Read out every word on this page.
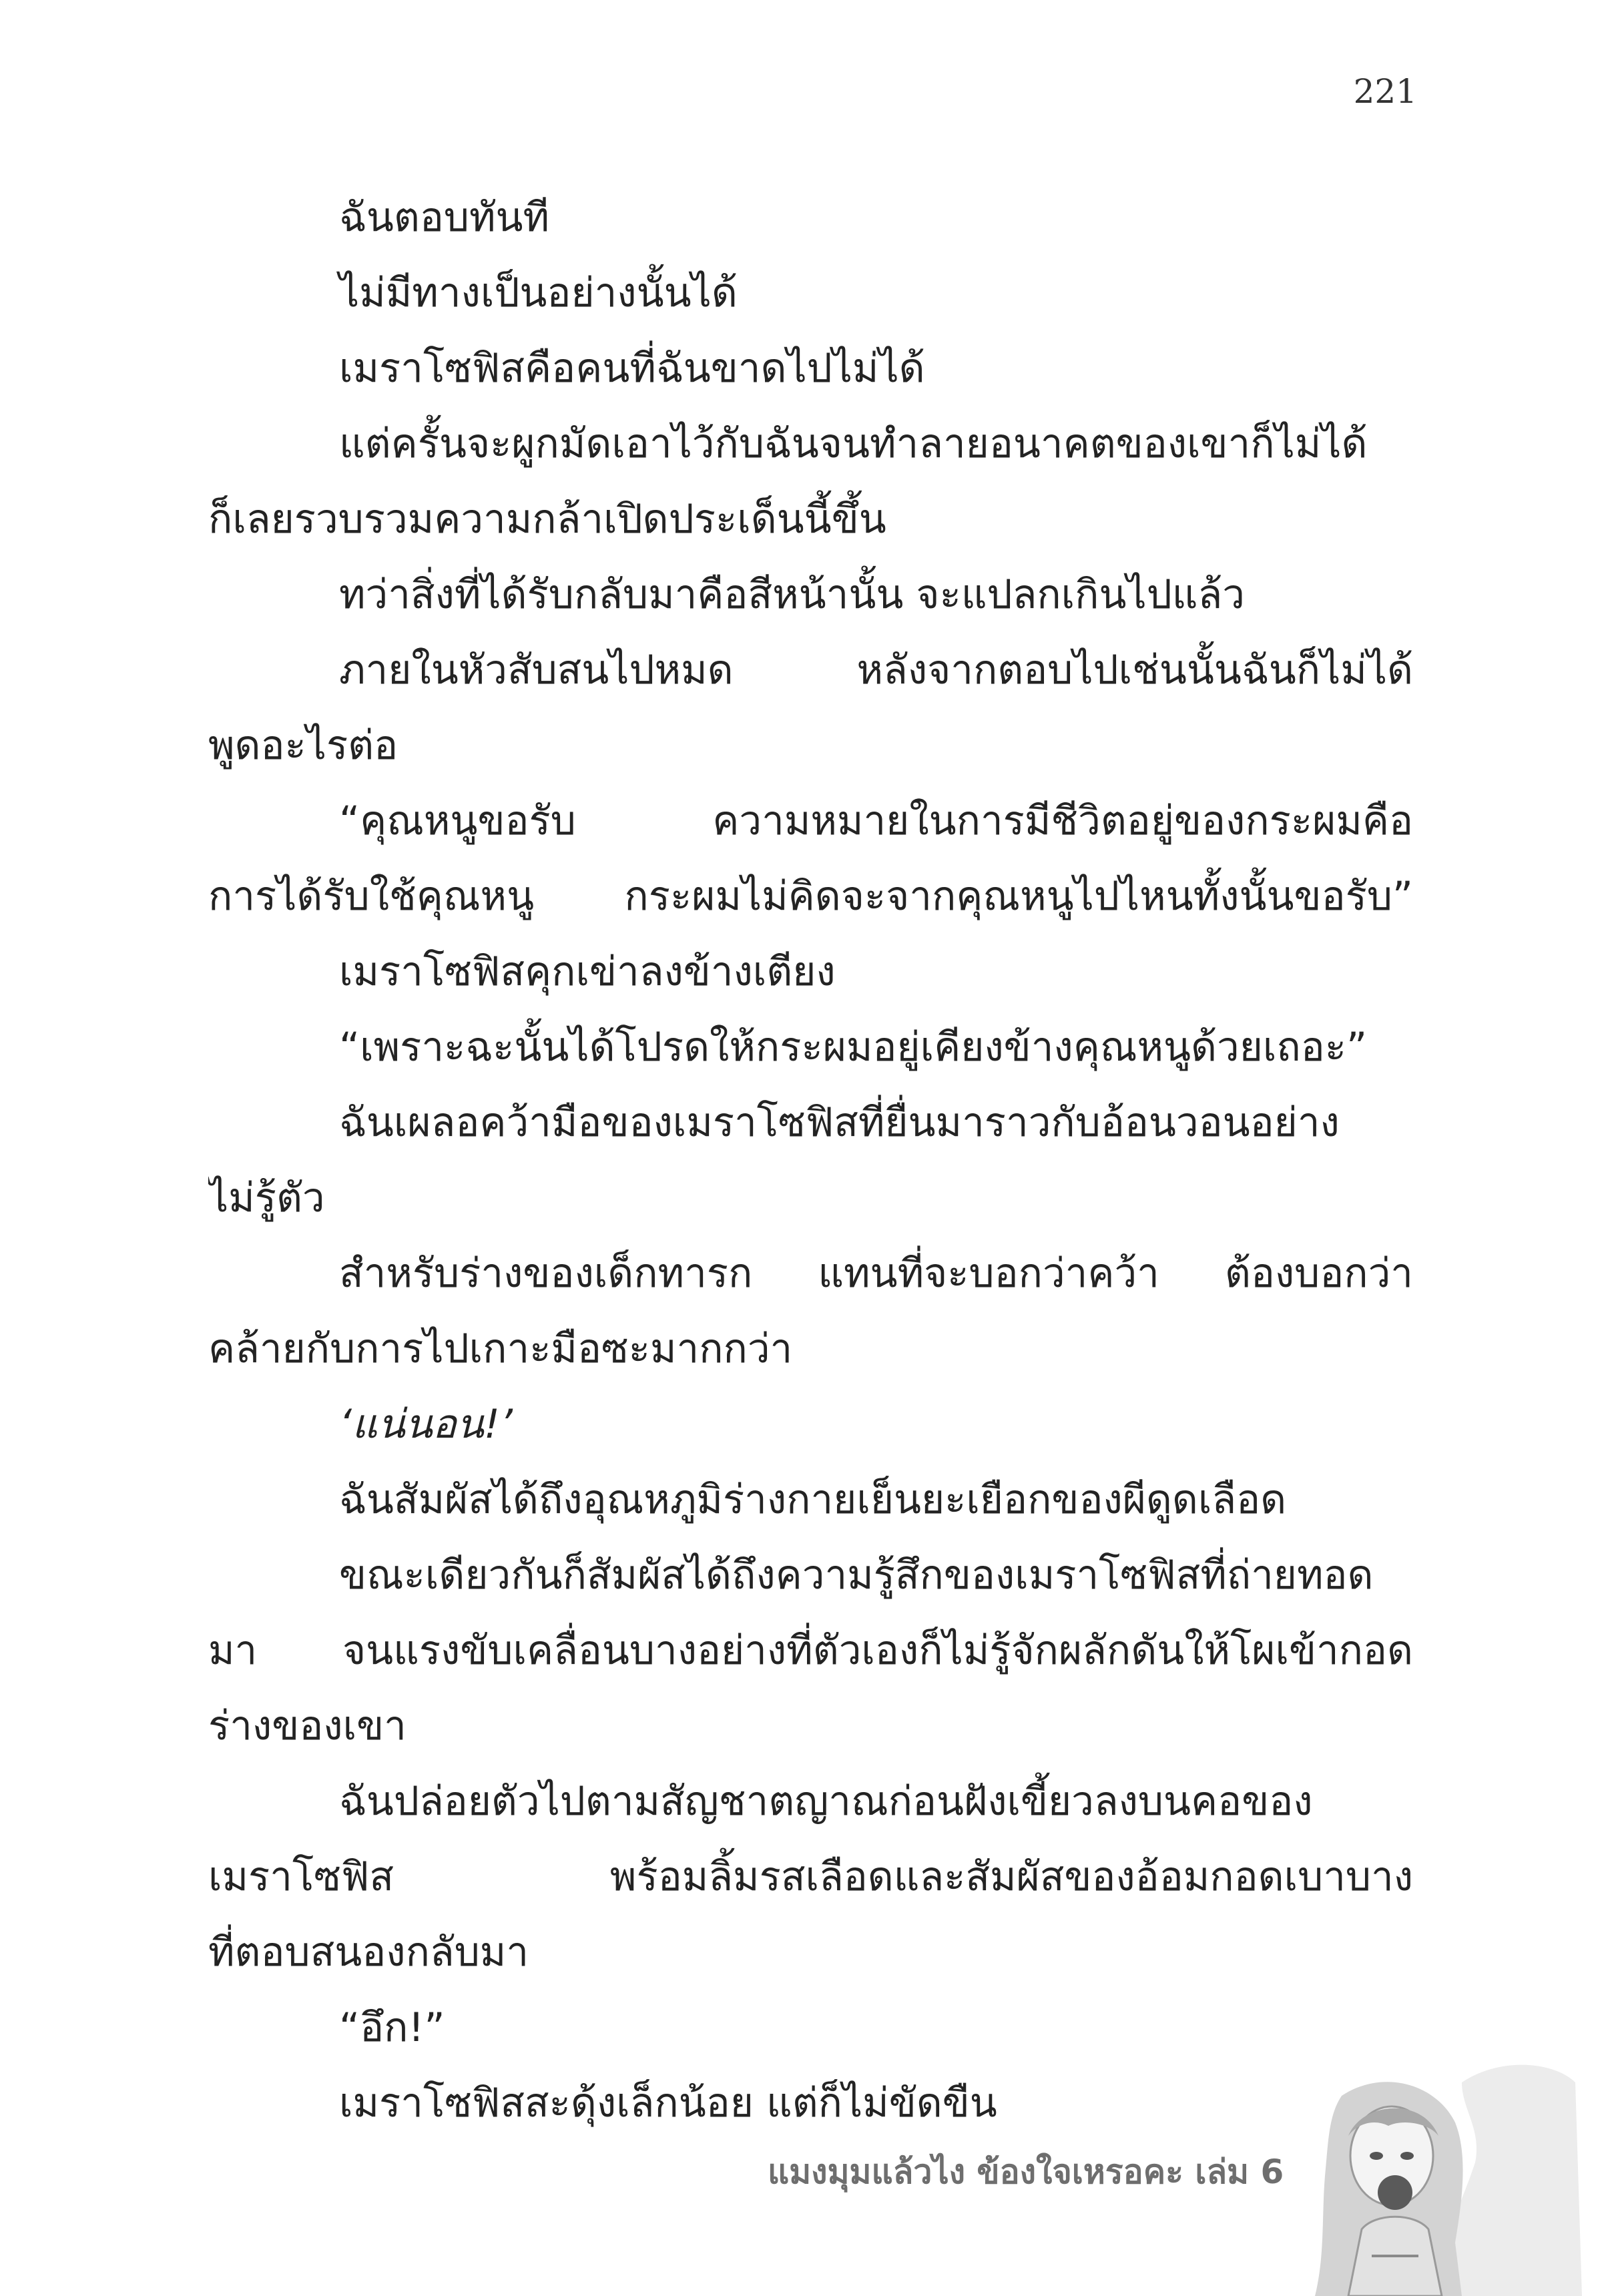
221
ฉันตอบทันที
ไม่มีทางเป็นอย่างนั้นได้
เมราโซฟิสคือคนที่ฉันขาดไปไม่ได้
แต่ครั้นจะผูกมัดเอาไว้กับฉันจนทำลายอนาคตของเขาก็ไม่ได้
ก็เลยรวบรวมความกล้าเปิดประเด็นนี้ขึ้น
ทว่าสิ่งที่ได้รับกลับมาคือสีหน้านั้น จะแปลกเกินไปแล้ว
ภายในหัวสับสนไปหมด หลังจากตอบไปเช่นนั้นฉันก็ไม่ได้
พูดอะไรต่อ
“คุณหนูขอรับ ความหมายในการมีชีวิตอยู่ของกระผมคือ
การได้รับใช้คุณหนู กระผมไม่คิดจะจากคุณหนูไปไหนทั้งนั้นขอรับ”
เมราโซฟิสคุกเข่าลงข้างเตียง
“เพราะฉะนั้นได้โปรดให้กระผมอยู่เคียงข้างคุณหนูด้วยเถอะ”
ฉันเผลอคว้ามือของเมราโซฟิสที่ยื่นมาราวกับอ้อนวอนอย่าง
ไม่รู้ตัว
สำหรับร่างของเด็กทารก แทนที่จะบอกว่าคว้า ต้องบอกว่า
คล้ายกับการไปเกาะมือซะมากกว่า
‘แน่นอน!’
ฉันสัมผัสได้ถึงอุณหภูมิร่างกายเย็นยะเยือกของผีดูดเลือด
ขณะเดียวกันก็สัมผัสได้ถึงความรู้สึกของเมราโซฟิสที่ถ่ายทอด
มา จนแรงขับเคลื่อนบางอย่างที่ตัวเองก็ไม่รู้จักผลักดันให้โผเข้ากอด
ร่างของเขา
ฉันปล่อยตัวไปตามสัญชาตญาณก่อนฝังเขี้ยวลงบนคอของ
เมราโซฟิส พร้อมลิ้มรสเลือดและสัมผัสของอ้อมกอดเบาบาง
ที่ตอบสนองกลับมา
“อึก!”
เมราโซฟิสสะดุ้งเล็กน้อย แต่ก็ไม่ขัดขืน
แมงมุมแล้วไง ข้องใจเหรอคะ เล่ม 6
